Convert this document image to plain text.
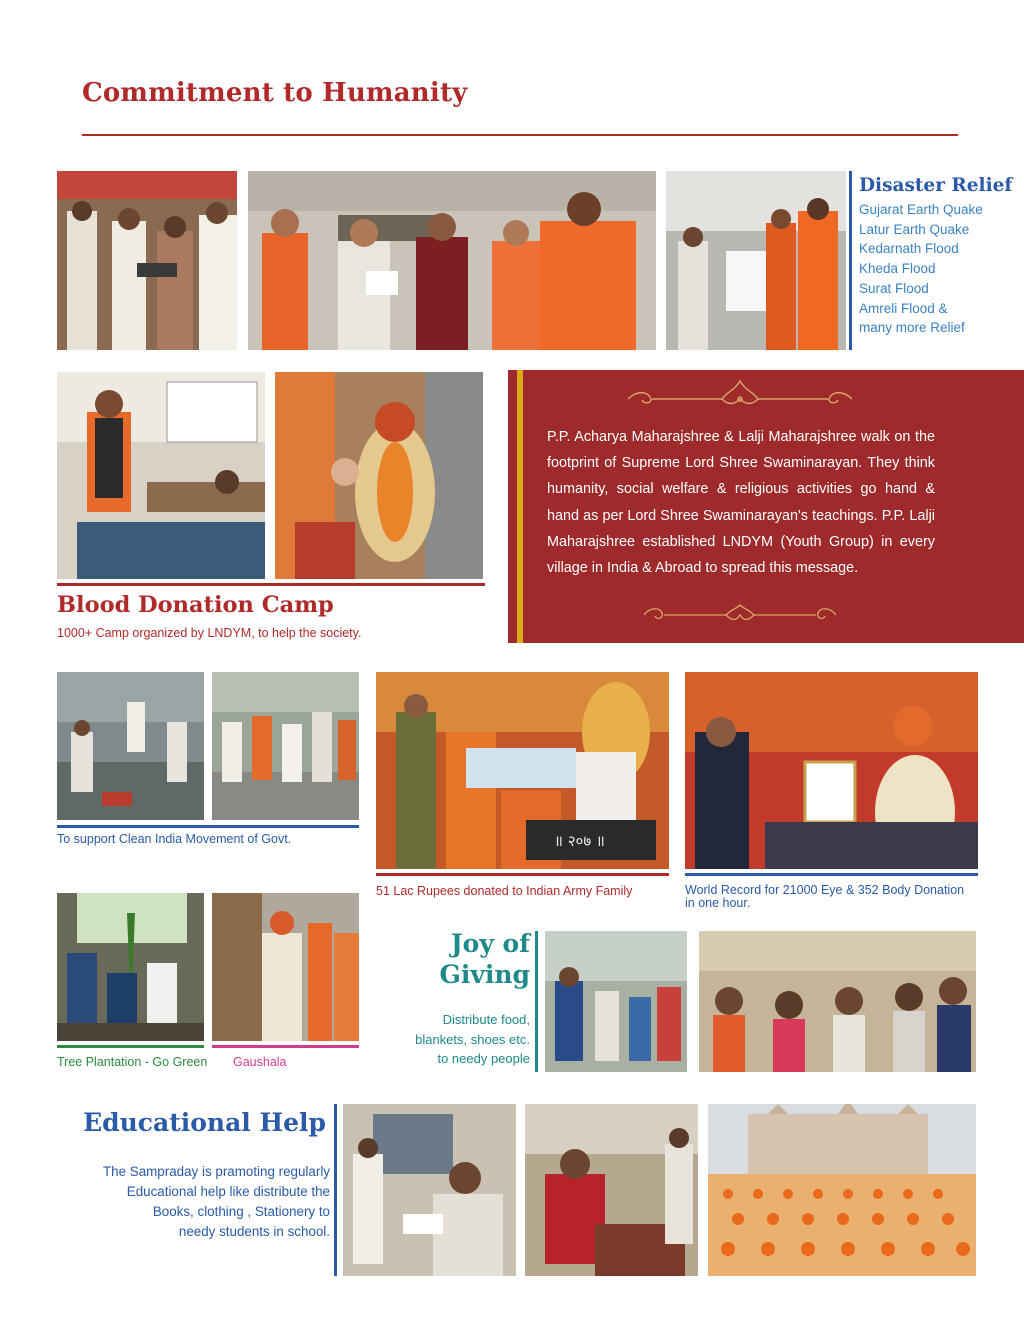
Commitment to Humanity
Disaster Relief
Gujarat Earth Quake
Latur Earth Quake
Kedarnath Flood
Kheda Flood
Surat Flood
Amreli Flood &
many more Relief
Blood Donation Camp
1000+ Camp organized by LNDYM, to help the society.
P.P. Acharya Maharajshree & Lalji Maharajshree walk on the footprint of Supreme Lord Shree Swaminarayan. They think humanity, social welfare & religious activities go hand & hand as per Lord Shree Swaminarayan's teachings. P.P. Lalji Maharajshree established LNDYM (Youth Group) in every village in India & Abroad to spread this message.
To support Clean India Movement of Govt.	॥ २०७ ॥
51 Lac Rupees donated to Indian Army Family	World Record for 21000 Eye & 352 Body Donation
in one hour.
Tree Plantation - Go Green Gaushala
Joy of
Giving
Distribute food,
blankets, shoes etc.
to needy people
Educational Help
The Sampraday is pramoting regularly
Educational help like distribute the
Books, clothing , Stationery to
needy students in school.
